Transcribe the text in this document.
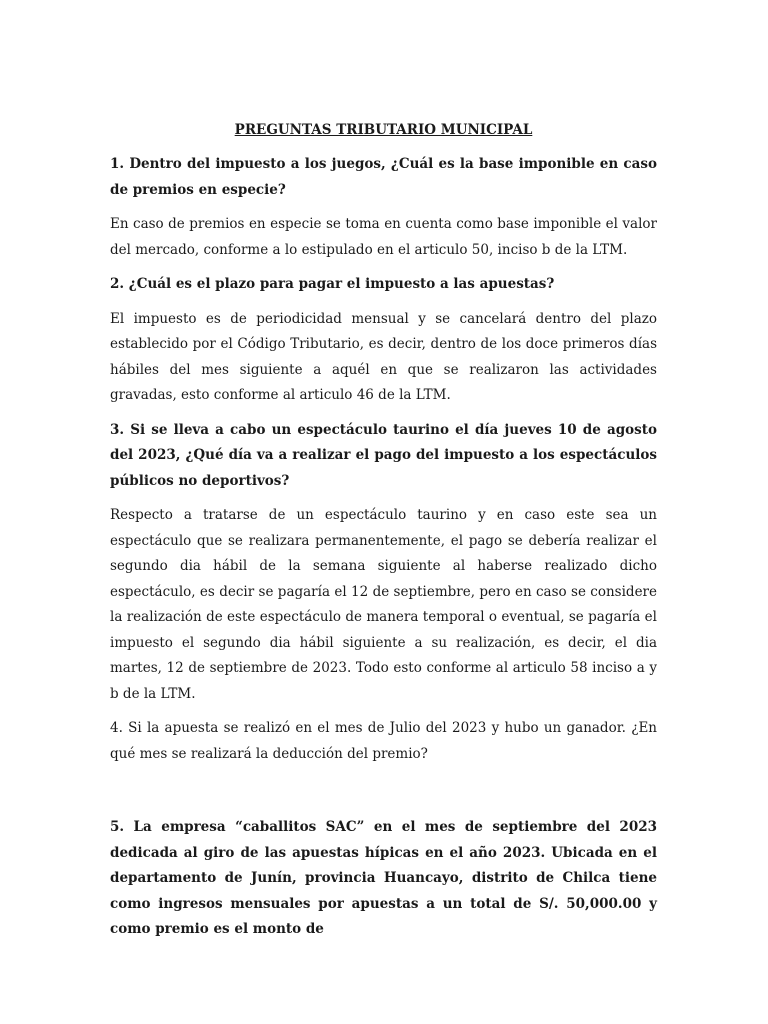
PREGUNTAS TRIBUTARIO MUNICIPAL

1. Dentro del impuesto a los juegos, ¿Cuál es la base imponible en caso de premios en especie?

En caso de premios en especie se toma en cuenta como base imponible el valor del mercado, conforme a lo estipulado en el articulo 50, inciso b de la LTM.

2. ¿Cuál es el plazo para pagar el impuesto a las apuestas?

El impuesto es de periodicidad mensual y se cancelará dentro del plazo establecido por el Código Tributario, es decir, dentro de los doce primeros días hábiles del mes siguiente a aquél en que se realizaron las actividades gravadas, esto conforme al articulo 46 de la LTM.

3. Si se lleva a cabo un espectáculo taurino el día jueves 10 de agosto del 2023, ¿Qué día va a realizar el pago del impuesto a los espectáculos públicos no deportivos?

Respecto a tratarse de un espectáculo taurino y en caso este sea un espectáculo que se realizara permanentemente, el pago se debería realizar el segundo dia hábil de la semana siguiente al haberse realizado dicho espectáculo, es decir se pagaría el 12 de septiembre, pero en caso se considere la realización de este espectáculo de manera temporal o eventual, se pagaría el impuesto el segundo dia hábil siguiente a su realización, es decir, el dia martes, 12 de septiembre de 2023. Todo esto conforme al articulo 58 inciso a y b de la LTM.

4. Si la apuesta se realizó en el mes de Julio del 2023 y hubo un ganador. ¿En qué mes se realizará la deducción del premio?

5. La empresa “caballitos SAC” en el mes de septiembre del 2023 dedicada al giro de las apuestas hípicas en el año 2023. Ubicada en el departamento de Junín, provincia Huancayo, distrito de Chilca tiene como ingresos mensuales por apuestas a un total de S/. 50,000.00 y como premio es el monto de
